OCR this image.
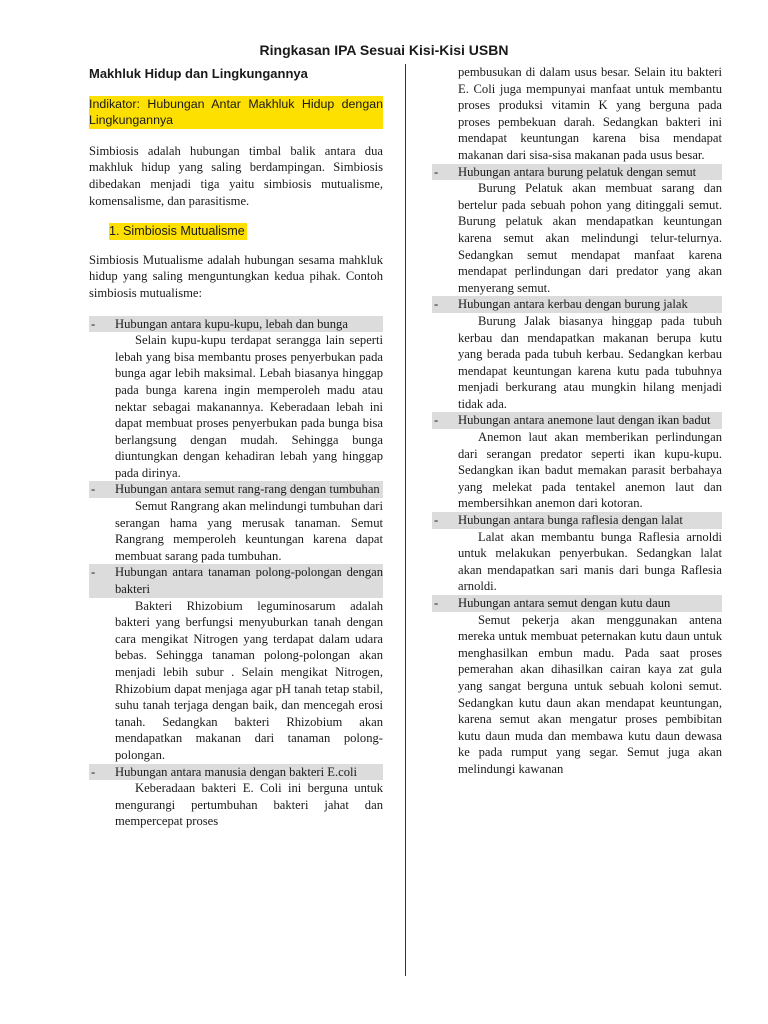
Ringkasan IPA Sesuai Kisi-Kisi USBN

Makhluk Hidup dan Lingkungannya

Indikator: Hubungan Antar Makhluk Hidup dengan Lingkungannya

Simbiosis adalah hubungan timbal balik antara dua makhluk hidup yang saling berdampingan. Simbiosis dibedakan menjadi tiga yaitu simbiosis mutualisme, komensalisme, dan parasitisme.

1. Simbiosis Mutualisme

Simbiosis Mutualisme adalah hubungan sesama mahkluk hidup yang saling menguntungkan kedua pihak. Contoh simbiosis mutualisme:

- Hubungan antara kupu-kupu, lebah dan bunga

Selain kupu-kupu terdapat serangga lain seperti lebah yang bisa membantu proses penyerbukan pada bunga agar lebih maksimal. Lebah biasanya hinggap pada bunga karena ingin memperoleh madu atau nektar sebagai makanannya. Keberadaan lebah ini dapat membuat proses penyerbukan pada bunga bisa berlangsung dengan mudah. Sehingga bunga diuntungkan dengan kehadiran lebah yang hinggap pada dirinya.

- Hubungan antara semut rang-rang dengan tumbuhan

Semut Rangrang akan melindungi tumbuhan dari serangan hama yang merusak tanaman. Semut Rangrang memperoleh keuntungan karena dapat membuat sarang pada tumbuhan.

- Hubungan antara tanaman polong-polongan dengan bakteri

Bakteri Rhizobium leguminosarum adalah bakteri yang berfungsi menyuburkan tanah dengan cara mengikat Nitrogen yang terdapat dalam udara bebas. Sehingga tanaman polong-polongan akan menjadi lebih subur . Selain mengikat Nitrogen, Rhizobium dapat menjaga agar pH tanah tetap stabil, suhu tanah terjaga dengan baik, dan mencegah erosi tanah. Sedangkan bakteri Rhizobium akan mendapatkan makanan dari tanaman polong-polongan.

- Hubungan antara manusia dengan bakteri E.coli

Keberadaan bakteri E. Coli ini berguna untuk mengurangi pertumbuhan bakteri jahat dan mempercepat proses

pembusukan di dalam usus besar. Selain itu bakteri E. Coli juga mempunyai manfaat untuk membantu proses produksi vitamin K yang berguna pada proses pembekuan darah. Sedangkan bakteri ini mendapat keuntungan karena bisa mendapat makanan dari sisa-sisa makanan pada usus besar.

- Hubungan antara burung pelatuk dengan semut

Burung Pelatuk akan membuat sarang dan bertelur pada sebuah pohon yang ditinggali semut. Burung pelatuk akan mendapatkan keuntungan karena semut akan melindungi telur-telurnya. Sedangkan semut mendapat manfaat karena mendapat perlindungan dari predator yang akan menyerang semut.

- Hubungan antara kerbau dengan burung jalak

Burung Jalak biasanya hinggap pada tubuh kerbau dan mendapatkan makanan berupa kutu yang berada pada tubuh kerbau. Sedangkan kerbau mendapat keuntungan karena kutu pada tubuhnya menjadi berkurang atau mungkin hilang menjadi tidak ada.

- Hubungan antara anemone laut dengan ikan badut

Anemon laut akan memberikan perlindungan dari serangan predator seperti ikan kupu-kupu. Sedangkan ikan badut memakan parasit berbahaya yang melekat pada tentakel anemon laut dan membersihkan anemon dari kotoran.

- Hubungan antara bunga raflesia dengan lalat

Lalat akan membantu bunga Raflesia arnoldi untuk melakukan penyerbukan. Sedangkan lalat akan mendapatkan sari manis dari bunga Raflesia arnoldi.

- Hubungan antara semut dengan kutu daun

Semut pekerja akan menggunakan antena mereka untuk membuat peternakan kutu daun untuk menghasilkan embun madu. Pada saat proses pemerahan akan dihasilkan cairan kaya zat gula yang sangat berguna untuk sebuah koloni semut. Sedangkan kutu daun akan mendapat keuntungan, karena semut akan mengatur proses pembibitan kutu daun muda dan membawa kutu daun dewasa ke pada rumput yang segar. Semut juga akan melindungi kawanan
